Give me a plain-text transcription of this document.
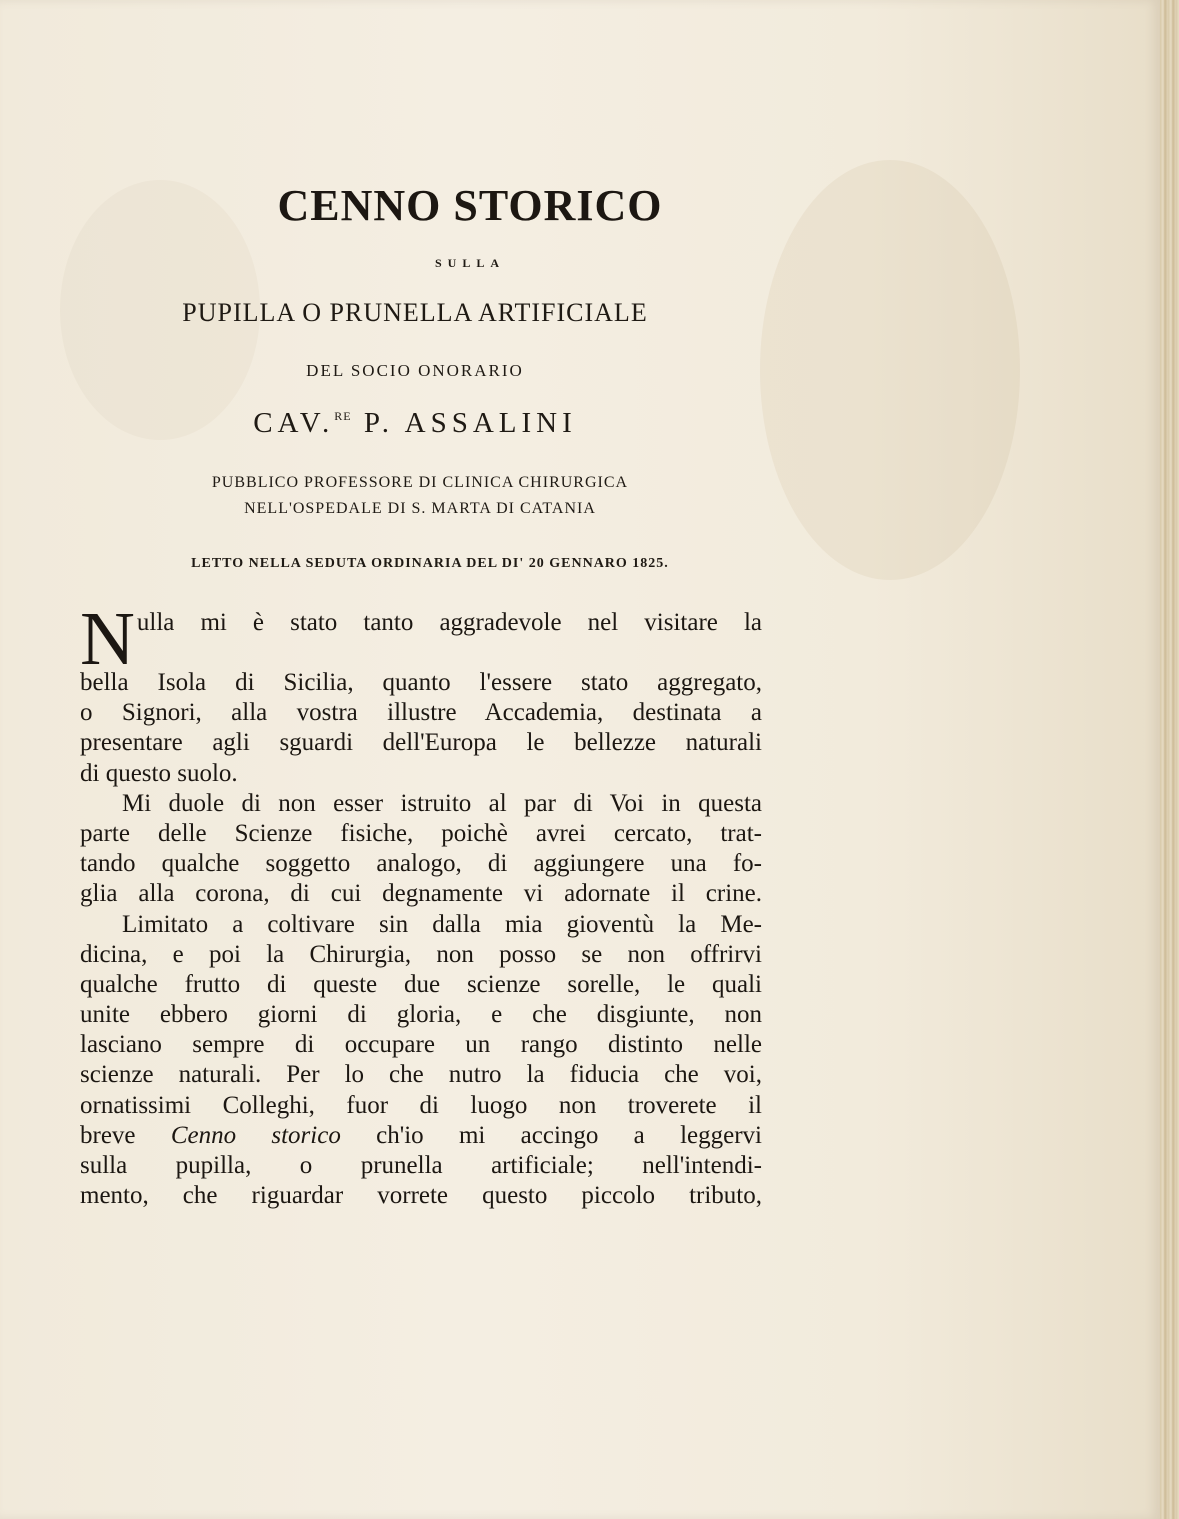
CENNO STORICO
SULLA
PUPILLA O PRUNELLA ARTIFICIALE
DEL SOCIO ONORARIO
CAV.$^{RE}$ P. ASSALINI
PUBBLICO PROFESSORE DI CLINICA CHIRURGICA
NELL'OSPEDALE DI S. MARTA DI CATANIA
LETTO NELLA SEDUTA ORDINARIA DEL DI' 20 GENNARO 1825.
N ulla mi è stato tanto aggradevole nel visitare la
bella Isola di Sicilia, quanto l'essere stato aggregato,
o Signori, alla vostra illustre Accademia, destinata a
presentare agli sguardi dell'Europa le bellezze naturali
di questo suolo.
Mi duole di non esser istruito al par di Voi in questa
parte delle Scienze fisiche, poichè avrei cercato, trat-
tando qualche soggetto analogo, di aggiungere una fo-
glia alla corona, di cui degnamente vi adornate il crine.
Limitato a coltivare sin dalla mia gioventù la Me-
dicina, e poi la Chirurgia, non posso se non offrirvi
qualche frutto di queste due scienze sorelle, le quali
unite ebbero giorni di gloria, e che disgiunte, non
lasciano sempre di occupare un rango distinto nelle
scienze naturali. Per lo che nutro la fiducia che voi,
ornatissimi Colleghi, fuor di luogo non troverete il
breve Cenno storico ch'io mi accingo a leggervi
sulla pupilla, o prunella artificiale; nell'intendi-
mento, che riguardar vorrete questo piccolo tributo,
